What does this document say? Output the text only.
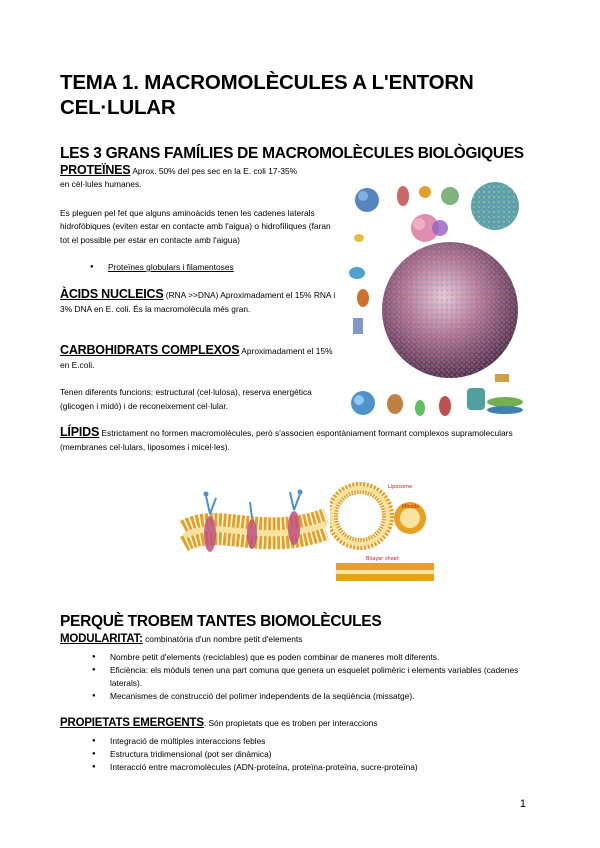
TEMA 1. MACROMOLÈCULES A L'ENTORN CEL·LULAR
LES 3 GRANS FAMÍLIES DE MACROMOLÈCULES BIOLÒGIQUES
PROTEÏNES Aprox. 50% del pes sec en la E. coli 17-35%
en cèl·lules humanes.
Es pleguen pel fet que alguns aminoàcids tenen les cadenes laterals hidrofòbiques (eviten estar en contacte amb l'aigua) o hidrofíliques (faran tot el possible per estar en contacte amb l'aigua)
● Proteïnes globulars i filamentoses
ÀCIDS NUCLEICS (RNA >>DNA) Aproximadament el 15% RNA i 3% DNA en E. coli. És la macromolècula més gran.
CARBOHIDRATS COMPLEXOS Aproximadament el 15% en E.coli.
Tenen diferents funcions: estructural (cel·lulosa), reserva energètica (glicogen i midó) i de reconeixement cel·lular.
LÍPIDS Estrictament no formen macromolècules, però s'associen espontàniament formant complexos supramoleculars (membranes cel·lulars, liposomes i micel·les).
Liposome
Micelle
Bilayer sheet
PERQUÈ TROBEM TANTES BIOMOLÈCULES
MODULARITAT: combinatòria d'un nombre petit d'elements
● Nombre petit d'elements (reciclables) que es poden combinar de maneres molt diferents.
● Eficiència: els mòduls tenen una part comuna que genera un esquelet polimèric i elements variables (cadenes laterals).
● Mecanismes de construcció del polímer independents de la seqüència (missatge).
PROPIETATS EMERGENTS: Són propietats que es troben per interaccions
● Integració de múltiples interaccions febles
● Estructura tridimensional (pot ser dinàmica)
● Interacció entre macromolècules (ADN-proteïna, proteïna-proteïna, sucre-proteïna)
1
